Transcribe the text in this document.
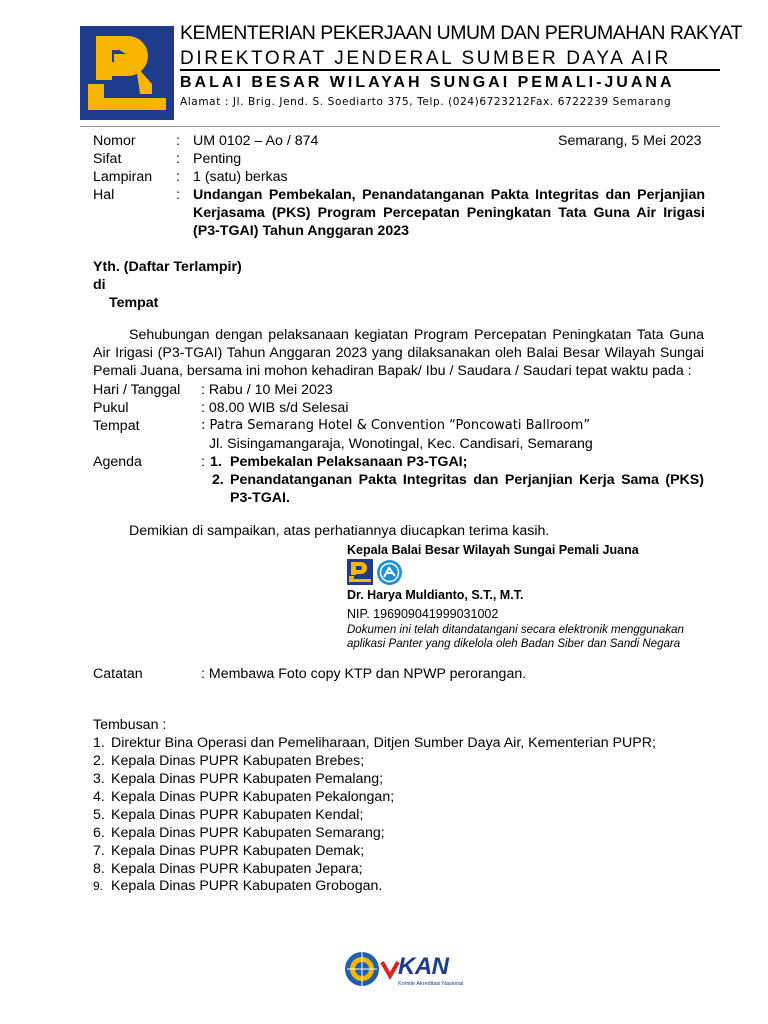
KEMENTERIAN PEKERJAAN UMUM DAN PERUMAHAN RAKYAT
DIREKTORAT JENDERAL SUMBER DAYA AIR
BALAI BESAR WILAYAH SUNGAI PEMALI-JUANA
Alamat : Jl. Brig. Jend. S. Soediarto 375, Telp. (024)6723212Fax. 6722239 Semarang
Nomor	: UM 0102 – Ao / 874	Semarang, 5 Mei 2023
Sifat	: Penting
Lampiran : 1 (satu) berkas
Hal	: Undangan Pembekalan, Penandatanganan Pakta Integritas dan Perjanjian Kerjasama (PKS) Program Percepatan Peningkatan Tata Guna Air Irigasi (P3-TGAI) Tahun Anggaran 2023
Yth. (Daftar Terlampir)
di
Tempat
Sehubungan dengan pelaksanaan kegiatan Program Percepatan Peningkatan Tata Guna Air Irigasi (P3-TGAI) Tahun Anggaran 2023 yang dilaksanakan oleh Balai Besar Wilayah Sungai Pemali Juana, bersama ini mohon kehadiran Bapak/ Ibu / Saudara / Saudari tepat waktu pada :
Hari / Tanggal : Rabu / 10 Mei 2023
Pukul	: 08.00 WIB s/d Selesai
Tempat	: Patra Semarang Hotel & Convention “Poncowati Ballroom”
Jl. Sisingamangaraja, Wonotingal, Kec. Candisari, Semarang
Agenda	: 1. Pembekalan Pelaksanaan P3-TGAI;
2. Penandatanganan Pakta Integritas dan Perjanjian Kerja Sama (PKS) P3-TGAI.
Demikian di sampaikan, atas perhatiannya diucapkan terima kasih.
Kepala Balai Besar Wilayah Sungai Pemali Juana
Dr. Harya Muldianto, S.T., M.T.
NIP. 196909041999031002
Dokumen ini telah ditandatangani secara elektronik menggunakan
aplikasi Panter yang dikelola oleh Badan Siber dan Sandi Negara
Catatan	: Membawa Foto copy KTP dan NPWP perorangan.
Tembusan :
1. Direktur Bina Operasi dan Pemeliharaan, Ditjen Sumber Daya Air, Kementerian PUPR;
2. Kepala Dinas PUPR Kabupaten Brebes;
3. Kepala Dinas PUPR Kabupaten Pemalang;
4. Kepala Dinas PUPR Kabupaten Pekalongan;
5. Kepala Dinas PUPR Kabupaten Kendal;
6. Kepala Dinas PUPR Kabupaten Semarang;
7. Kepala Dinas PUPR Kabupaten Demak;
8. Kepala Dinas PUPR Kabupaten Jepara;
9. Kepala Dinas PUPR Kabupaten Grobogan.
KAN
Komite Akreditasi Nasional
